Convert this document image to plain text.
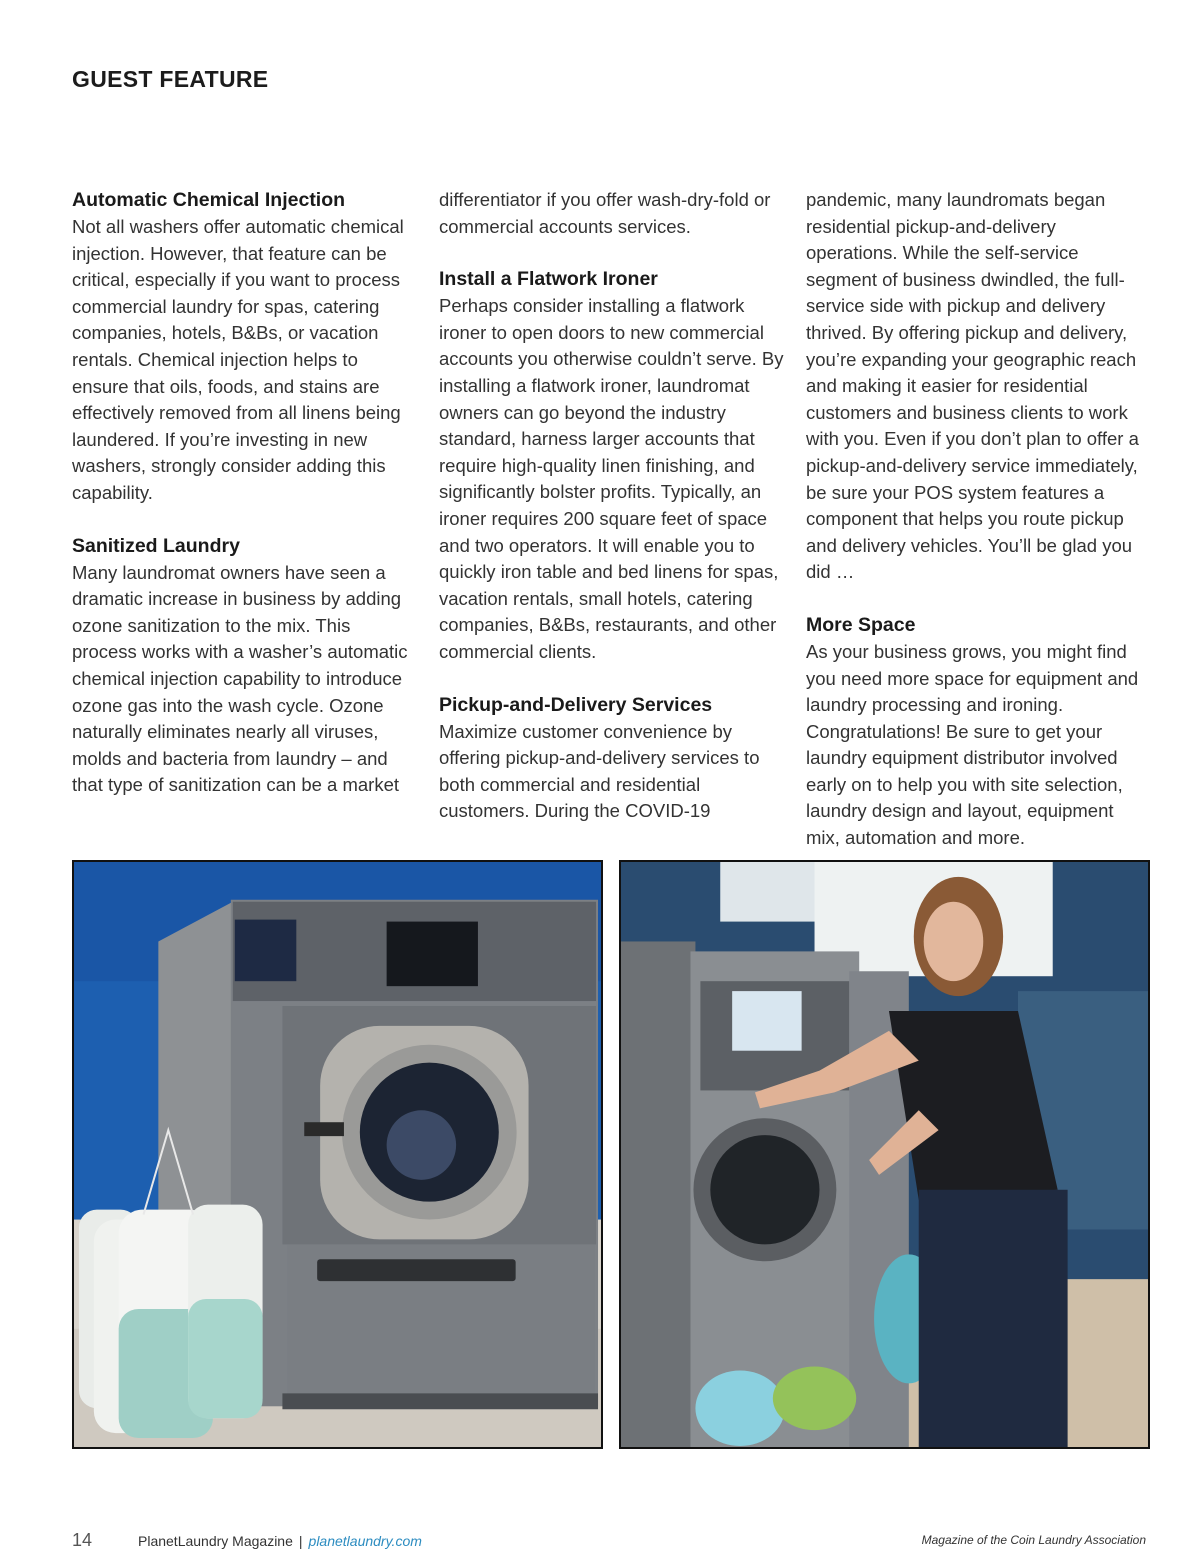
GUEST FEATURE
Automatic Chemical Injection

Not all washers offer automatic chemical injection. However, that feature can be critical, especially if you want to process commercial laundry for spas, catering companies, hotels, B&Bs, or vacation rentals. Chemical injection helps to ensure that oils, foods, and stains are effectively removed from all linens being laundered. If you’re investing in new washers, strongly consider adding this capability.

Sanitized Laundry

Many laundromat owners have seen a dramatic increase in business by adding ozone sanitization to the mix. This process works with a washer’s automatic chemical injection capability to introduce ozone gas into the wash cycle. Ozone naturally eliminates nearly all viruses, molds and bacteria from laundry – and that type of sanitization can be a market

differentiator if you offer wash-dry-fold or commercial accounts services.

Install a Flatwork Ironer

Perhaps consider installing a flatwork ironer to open doors to new commercial accounts you otherwise couldn’t serve. By installing a flatwork ironer, laundromat owners can go beyond the industry standard, harness larger accounts that require high-quality linen finishing, and significantly bolster profits. Typically, an ironer requires 200 square feet of space and two operators. It will enable you to quickly iron table and bed linens for spas, vacation rentals, small hotels, catering companies, B&Bs, restaurants, and other commercial clients.

Pickup-and-Delivery Services

Maximize customer convenience by offering pickup-and-delivery services to both commercial and residential customers. During the COVID-19

pandemic, many laundromats began residential pickup-and-delivery operations. While the self-service segment of business dwindled, the full-service side with pickup and delivery thrived. By offering pickup and delivery, you’re expanding your geographic reach and making it easier for residential customers and business clients to work with you. Even if you don’t plan to offer a pickup-and-delivery service immediately, be sure your POS system features a component that helps you route pickup and delivery vehicles. You’ll be glad you did …

More Space

As your business grows, you might find you need more space for equipment and laundry processing and ironing. Congratulations! Be sure to get your laundry equipment distributor involved early on to help you with site selection, laundry design and layout, equipment mix, automation and more.

14	PlanetLaundry Magazine | planetlaundry.com	Magazine of the Coin Laundry Association
